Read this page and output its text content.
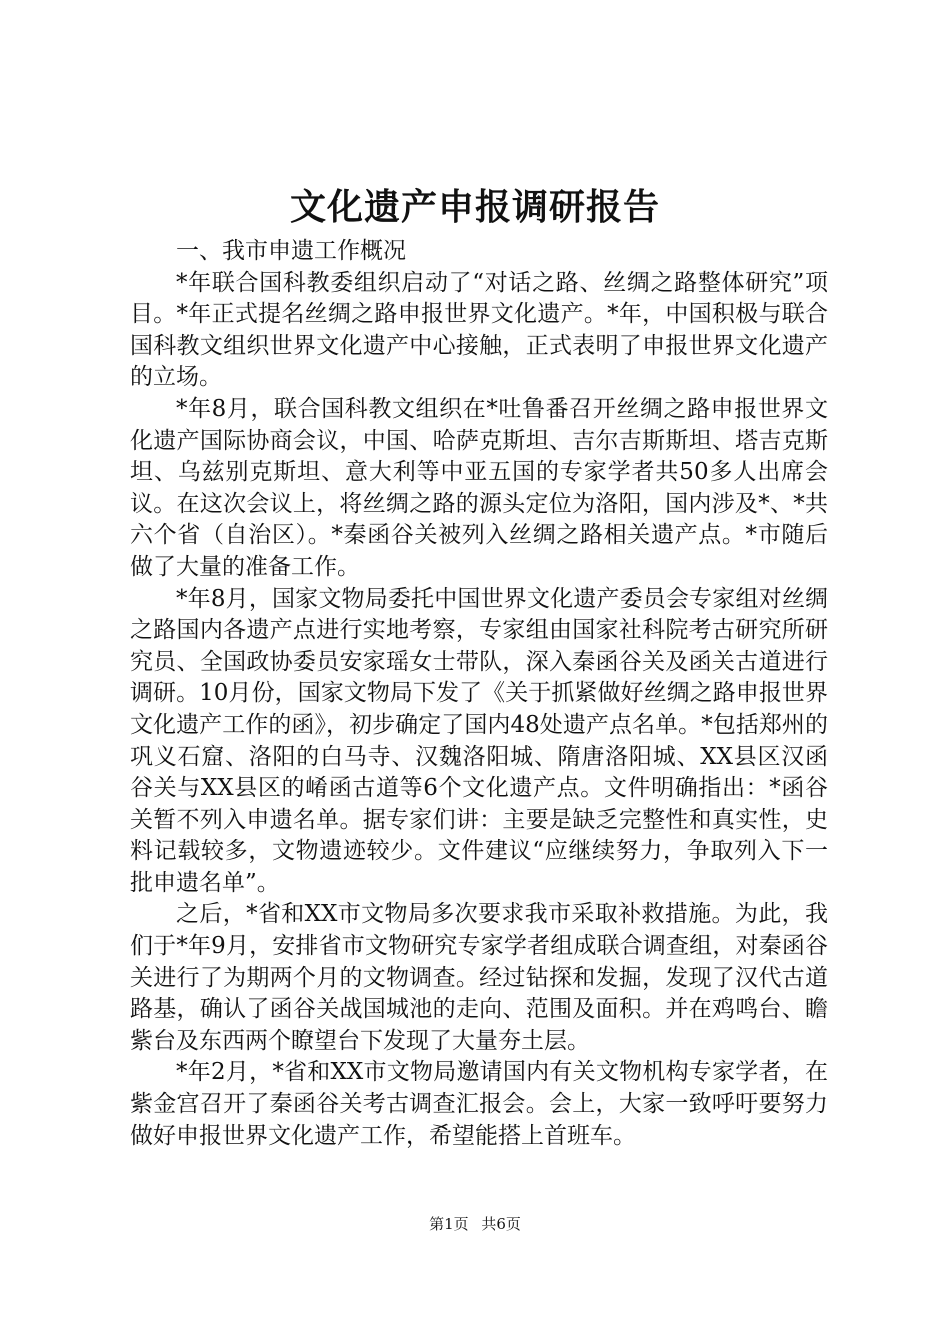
文化遗产申报调研报告
一、我市申遗工作概况

*年联合国科教委组织启动了“对话之路、丝绸之路整体研究”项目。*年正式提名丝绸之路申报世界文化遗产。*年，中国积极与联合国科教文组织世界文化遗产中心接触，正式表明了申报世界文化遗产的立场。

*年8月，联合国科教文组织在*吐鲁番召开丝绸之路申报世界文化遗产国际协商会议，中国、哈萨克斯坦、吉尔吉斯斯坦、塔吉克斯坦、乌兹别克斯坦、意大利等中亚五国的专家学者共50多人出席会议。在这次会议上，将丝绸之路的源头定位为洛阳，国内涉及*、*共六个省（自治区）。*秦函谷关被列入丝绸之路相关遗产点。*市随后做了大量的准备工作。

*年8月，国家文物局委托中国世界文化遗产委员会专家组对丝绸之路国内各遗产点进行实地考察，专家组由国家社科院考古研究所研究员、全国政协委员安家瑶女士带队，深入秦函谷关及函关古道进行调研。10月份，国家文物局下发了《关于抓紧做好丝绸之路申报世界文化遗产工作的函》，初步确定了国内48处遗产点名单。*包括郑州的巩义石窟、洛阳的白马寺、汉魏洛阳城、隋唐洛阳城、XX县区汉函谷关与XX县区的崤函古道等6个文化遗产点。文件明确指出：*函谷关暂不列入申遗名单。据专家们讲：主要是缺乏完整性和真实性，史料记载较多，文物遗迹较少。文件建议“应继续努力，争取列入下一批申遗名单”。

之后，*省和XX市文物局多次要求我市采取补救措施。为此，我们于*年9月，安排省市文物研究专家学者组成联合调查组，对秦函谷关进行了为期两个月的文物调查。经过钻探和发掘，发现了汉代古道路基，确认了函谷关战国城池的走向、范围及面积。并在鸡鸣台、瞻紫台及东西两个瞭望台下发现了大量夯土层。

*年2月，*省和XX市文物局邀请国内有关文物机构专家学者，在紫金宫召开了秦函谷关考古调查汇报会。会上，大家一致呼吁要努力做好申报世界文化遗产工作，希望能搭上首班车。

第1页 共6页
